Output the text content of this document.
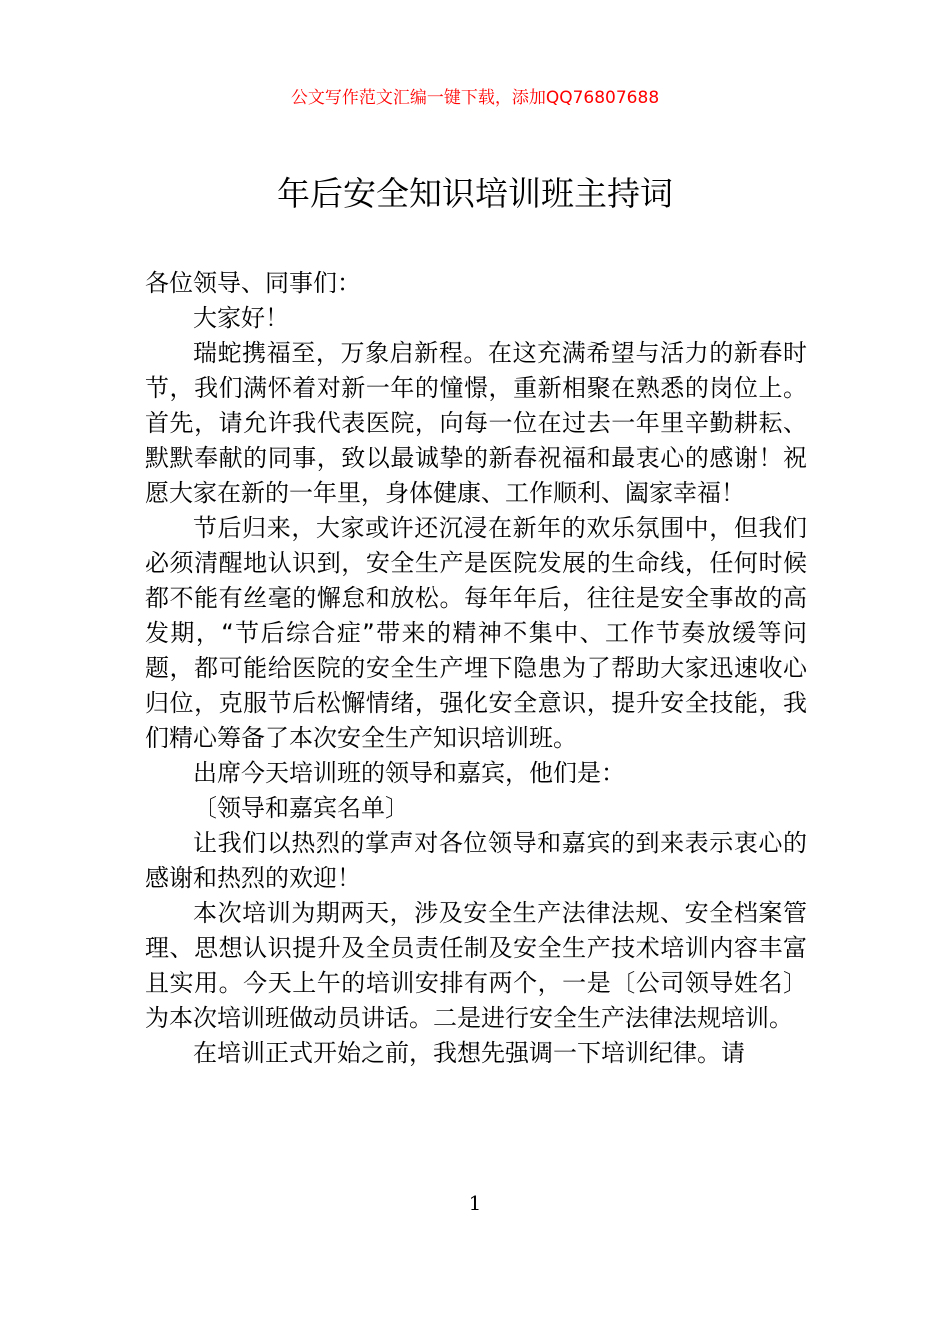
公文写作范文汇编一键下载，添加QQ76807688
年后安全知识培训班主持词

各位领导、同事们：

大家好！

瑞蛇携福至，万象启新程。在这充满希望与活力的新春时节，我们满怀着对新一年的憧憬，重新相聚在熟悉的岗位上。首先，请允许我代表医院，向每一位在过去一年里辛勤耕耘、默默奉献的同事，致以最诚挚的新春祝福和最衷心的感谢！祝愿大家在新的一年里，身体健康、工作顺利、阖家幸福！

节后归来，大家或许还沉浸在新年的欢乐氛围中，但我们必须清醒地认识到，安全生产是医院发展的生命线，任何时候都不能有丝毫的懈怠和放松。每年年后，往往是安全事故的高发期，“节后综合症”带来的精神不集中、工作节奏放缓等问题，都可能给医院的安全生产埋下隐患为了帮助大家迅速收心归位，克服节后松懈情绪，强化安全意识，提升安全技能，我们精心筹备了本次安全生产知识培训班。

出席今天培训班的领导和嘉宾，他们是：

〔领导和嘉宾名单〕

让我们以热烈的掌声对各位领导和嘉宾的到来表示衷心的感谢和热烈的欢迎！

本次培训为期两天，涉及安全生产法律法规、安全档案管理、思想认识提升及全员责任制及安全生产技术培训内容丰富且实用。今天上午的培训安排有两个，一是〔公司领导姓名〕为本次培训班做动员讲话。二是进行安全生产法律法规培训。

在培训正式开始之前，我想先强调一下培训纪律。请

1
